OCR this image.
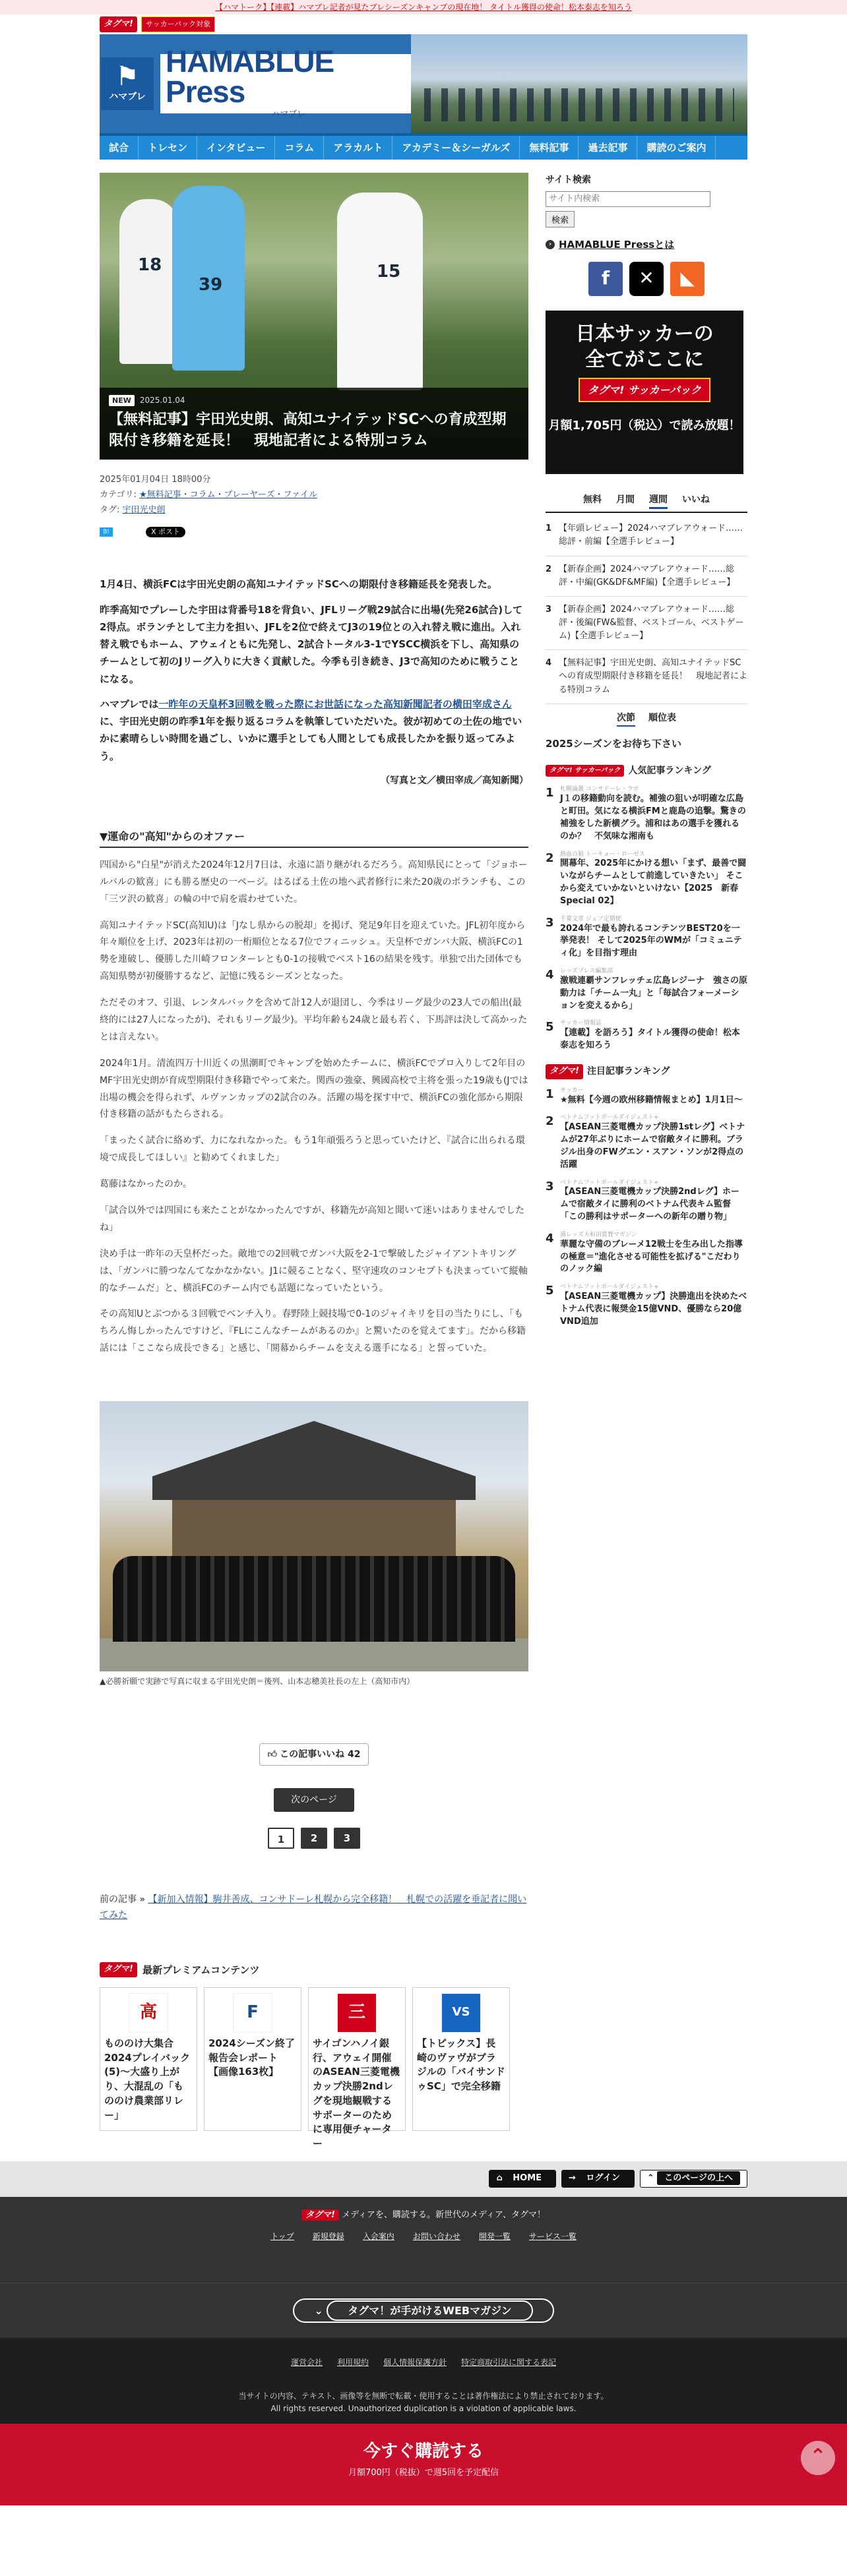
【ハマトーク】【連載】ハマブレ記者が見たプレシーズンキャンプの現在地！ タイトル獲得の使命！松本泰志を知ろう
タグマ!	サッカーパック対象
⚑
ハマブレ
HAMABLUE Press
ハマブレ
試合	トレセン	インタビュー	コラム	アラカルト	アカデミー＆シーガルズ	無料記事	過去記事	購読のご案内
18
39
15
NEW	2025.01.04
【無料記事】宇田光史朗、高知ユナイテッドSCへの育成型期限付き移籍を延長！　現地記者による特別コラム
2025年01月04日 18時00分
カテゴリ: ★無料記事・コラム・プレーヤーズ・ファイル
タグ: 宇田光史朗
B!	X ポスト

1月4日、横浜FCは宇田光史朗の高知ユナイテッドSCへの期限付き移籍延長を発表した。

昨季高知でプレーした宇田は背番号18を背負い、JFLリーグ戦29試合に出場(先発26試合)して2得点。ボランチとして主力を担い、JFLを2位で終えてJ3の19位との入れ替え戦に進出。入れ替え戦でもホーム、アウェイともに先発し、2試合トータル3-1でYSCC横浜を下し、高知県のチームとして初のJリーグ入りに大きく貢献した。今季も引き続き、J3で高知のために戦うことになる。

ハマブレでは一昨年の天皇杯3回戦を戦った際にお世話になった高知新聞記者の横田宰成さんに、宇田光史朗の昨季1年を振り返るコラムを執筆していただいた。彼が初めての土佐の地でいかに素晴らしい時間を過ごし、いかに選手としても人間としても成長したかを振り返ってみよう。

（写真と文／横田宰成／高知新聞）

▼運命の"高知"からのオファー

四国から"白星"が消えた2024年12月7日は、永遠に語り継がれるだろう。高知県民にとって「ジョホールバルの歓喜」にも勝る歴史の一ページ。はるばる土佐の地へ武者修行に来た20歳のボランチも、この「三ツ沢の歓喜」の輪の中で肩を震わせていた。

高知ユナイテッドSC(高知U)は「Jなし県からの脱却」を掲げ、発足9年目を迎えていた。JFL初年度から年々順位を上げ、2023年は初の一桁順位となる7位でフィニッシュ。天皇杯でガンバ大阪、横浜FCの1勢を連破し、優勝した川崎フロンターレとも0-1の接戦でベスト16の結果を残す。単独で出た団体でも高知県勢が初優勝するなど、記憶に残るシーズンとなった。

ただそのオフ、引退、レンタルバックを含めて計12人が退団し、今季はリーグ最少の23人での船出(最終的には27人になったが)、それもリーグ最少)。平均年齢も24歳と最も若く、下馬評は決して高かったとは言えない。

2024年1月。清流四万十川近くの黒潮町でキャンプを始めたチームに、横浜FCでプロ入りして2年目のMF宇田光史朗が育成型期限付き移籍でやって来た。関西の強豪、興國高校で主将を張った19歳も(Jでは出場の機会を得られず、ルヴァンカップの2試合のみ。活躍の場を探す中で、横浜FCの強化部から期限付き移籍の話がもたらされる。

「まったく試合に絡めず、力になれなかった。もう1年頑張ろうと思っていたけど、『試合に出られる環境で成長してほしい』と勧めてくれました」

葛藤はなかったのか。

「試合以外では四国にも来たことがなかったんですが、移籍先が高知と聞いて迷いはありませんでしたね」

決め手は一昨年の天皇杯だった。敵地での2回戦でガンバ大阪を2-1で撃破したジャイアントキリングは、「ガンバに勝つなんてなかなかない。J1に競ることなく、堅守速攻のコンセプトも決まっていて縦軸的なチームだ」と、横浜FCのチーム内でも話題になっていたという。

その高知Uとぶつかる３回戦でベンチ入り。春野陸上競技場で0-1のジャイキリを目の当たりにし、「もちろん悔しかったんですけど、『FLにこんなチームがあるのか』と驚いたのを覚えてます」。だから移籍話には「ここなら成長できる」と感じ、「開幕からチームを支える選手になる」と誓っていた。

▲必勝祈願で実跡で写真に収まる宇田光史朗＝後列、山本志穂美社長の左上（高知市内）
👍︎ この記事いいね 42
次のページ
1	2	3
前の記事 » 【新加入情報】駒井善成、コンサドーレ札幌から完全移籍！　札幌での活躍を垂記者に聞いてみた
タグマ! 最新プレミアムコンテンツ
高
もののけ大集合2024プレイバック(5)〜大盛り上がり、大混乱の「もののけ農業部リレー」
F
2024シーズン終了報告会レポート【画像163枚】
三
サイゴンハノイ銀行、アウェイ開催のASEAN三菱電機カップ決勝2ndレグを現地観戦するサポーターのために専用便チャーター
VS
【トピックス】長崎のヴァヴがブラジルの「バイサンドゥSC」で完全移籍
サイト検索
サイト内検索
検索
› HAMABLUE Pressとは
f	✕	◣
日本サッカーの
全てがここに
タグマ! サッカーパック
月額1,705円（税込）で読み放題！
無料 月間 週間 いいね
1 【年頭レビュー】2024ハマブレアウォード……総評・前編【全選手レビュー】
2 【新春企画】2024ハマブレアウォード……総評・中編(GK&DF&MF編)【全選手レビュー】
3 【新春企画】2024ハマブレアウォード……総評・後編(FW&監督、ベストゴール、ベストゲーム)【全選手レビュー】
4 【無料記事】宇田光史朗、高知ユナイテッドSCへの育成型期限付き移籍を延長！　現地記者による特別コラム
次節 順位表
2025シーズンをお待ち下さい
タグマ! サッカーパック 人気記事ランキング
1 札幌論叢 コンサドーレ・ラボ
J１の移籍動向を読む。補強の狙いが明確な広島と町田。気になる横浜FMと鹿島の追撃。驚きの補強をした新横グラ。浦和はあの選手を獲れるのか？　不気味な湘南も
2 熱血の箱 トーキョー・ローゼス
開幕年、2025年にかける想い「まず、最善で闘いながらチームとして前進していきたい」 そこから変えていかないといけない【2025　新春Special 02】
3 千葉文章 ジェフ定期便
2024年で最も誇れるコンテンツBEST20を一挙発表！ そして2025年のWMが「コミュニティ化」を目指す理由
4 レッズプレス編集部
激戦連覇サンフレッチェ広島レジーナ　強さの原動力は「チーム一丸」と「毎試合フォーメーションを変えるから」
5 サッカー情報誌
【連載】を語ろう】タイトル獲得の使命！松本泰志を知ろう
タグマ! 注目記事ランキング
1 サッカー
★無料【今週の欧州移籍情報まとめ】1月1日〜
2 ベトナムフットボールダイジェスト+
【ASEAN三菱電機カップ決勝1stレグ】ベトナムが27年ぶりにホームで宿敵タイに勝利。ブラジル出身のFWグエン・スアン・ソンが2得点の活躍
3 ベトナムフットボールダイジェスト+
【ASEAN三菱電機カップ決勝2ndレグ】ホームで宿敵タイに勝利のベトナム代表キム監督「この勝利はサポーターへの新年の贈り物」
4 浦レッズ大和田賞賛マガジン
華麗な守備のブレーメ12戦士を生み出した指導の極意＝"進化させる可能性を拡げる"こだわりのノック編
5 ベトナムフットボールダイジェスト+
【ASEAN三菱電機カップ】決勝進出を決めたベトナム代表に報奨金15億VND、優勝なら20億VND追加
⌂ HOME	→ ログイン	⌃ このページの上へ
タグマ! メディアを、購読する。新世代のメディア、タグマ！
トップ 新規登録 入会案内 お問い合わせ 開発一覧 サービス一覧
⌄ タグマ！が手がけるWEBマガジン
運営会社 利用規約 個人情報保護方針 特定商取引法に関する表記
当サイトの内容、テキスト、画像等を無断で転載・使用することは著作権法により禁止されております。
All rights reserved. Unauthorized duplication is a violation of applicable laws.
今すぐ購読する
月額700円（税抜）で週5回を予定配信
⌃
